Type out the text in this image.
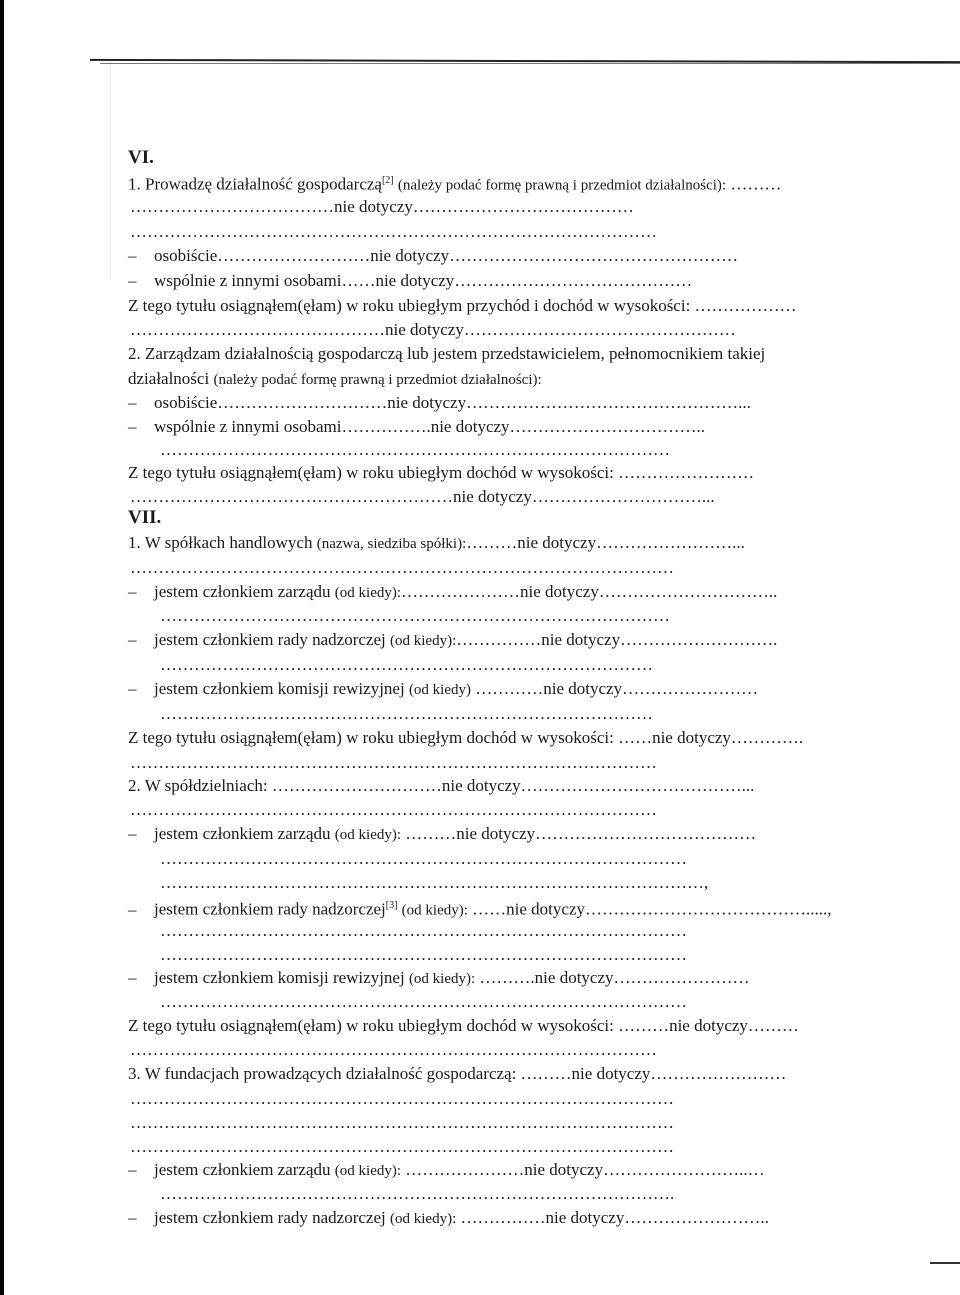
VI.
1. Prowadzę działalność gospodarczą[2] (należy podać formę prawną i przedmiot działalności): ………
………………………………nie dotyczy…………………………………
…………………………………………………………………………………
– osobiście………………………nie dotyczy……………………………………………
– wspólnie z innymi osobami……nie dotyczy……………………………………
Z tego tytułu osiągnąłem(ęłam) w roku ubiegłym przychód i dochód w wysokości: ………………
………………………………………nie dotyczy…………………………………………
2. Zarządzam działalnością gospodarczą lub jestem przedstawicielem, pełnomocnikiem takiej
działalności (należy podać formę prawną i przedmiot działalności):
– osobiście…………………………nie dotyczy…………………………………………...
– wspólnie z innymi osobami…………….nie dotyczy……………………………..
………………………………………………………………………………
Z tego tytułu osiągnąłem(ęłam) w roku ubiegłym dochód w wysokości: ……………………
…………………………………………………nie dotyczy…………………………...
VII.
1. W spółkach handlowych (nazwa, siedziba spółki):………nie dotyczy……………………...
……………………………………………………………………………………
– jestem członkiem zarządu (od kiedy):…………………nie dotyczy…………………………..
………………………………………………………………………………
– jestem członkiem rady nadzorczej (od kiedy):……………nie dotyczy……………………….
……………………………………………………………………………
– jestem członkiem komisji rewizyjnej (od kiedy) …………nie dotyczy……………………
……………………………………………………………………………
Z tego tytułu osiągnąłem(ęłam) w roku ubiegłym dochód w wysokości: ……nie dotyczy………….
…………………………………………………………………………………
2. W spółdzielniach: …………………………nie dotyczy…………………………………...
…………………………………………………………………………………
– jestem członkiem zarządu (od kiedy): ………nie dotyczy…………………………………
…………………………………………………………………………………
……………………………………………………………………………………,
– jestem członkiem rady nadzorczej[3] (od kiedy): ……nie dotyczy………………………………….....,
…………………………………………………………………………………
…………………………………………………………………………………
– jestem członkiem komisji rewizyjnej (od kiedy): ……….nie dotyczy……………………
…………………………………………………………………………………
Z tego tytułu osiągnąłem(ęłam) w roku ubiegłym dochód w wysokości: ………nie dotyczy………
…………………………………………………………………………………
3. W fundacjach prowadzących działalność gospodarczą: ………nie dotyczy……………………
……………………………………………………………………………………
……………………………………………………………………………………
……………………………………………………………………………………
– jestem członkiem zarządu (od kiedy): …………………nie dotyczy……………………..…
……………………………………………………………………………….
– jestem członkiem rady nadzorczej (od kiedy): ……………nie dotyczy……………………..
